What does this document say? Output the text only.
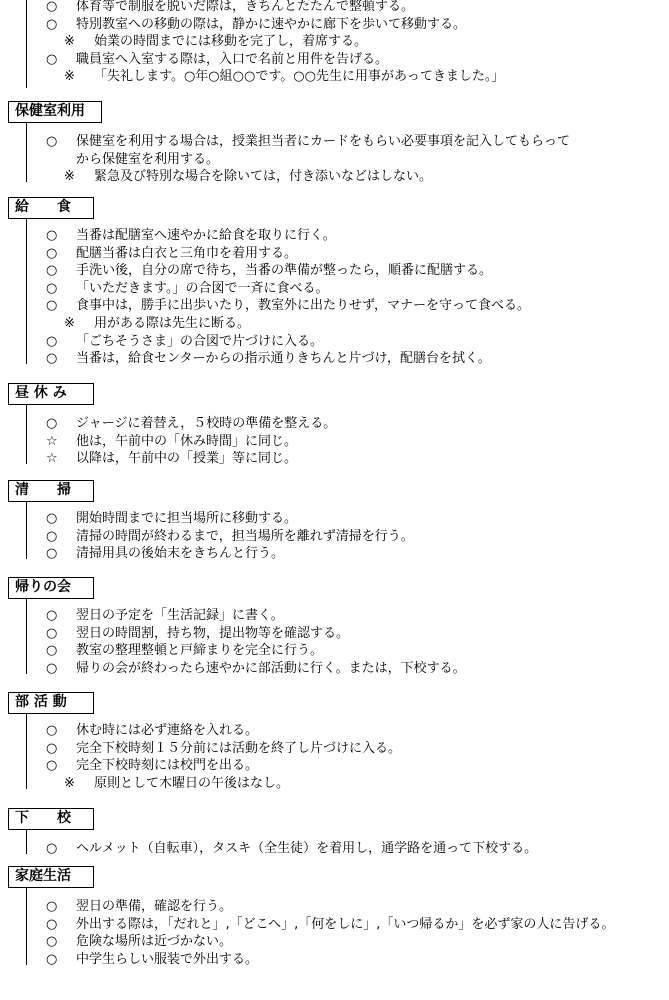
○ 体育等で制服を脱いだ際は，きちんとたたんで整頓する。
○ 特別教室への移動の際は，静かに速やかに廊下を歩いて移動する。
※ 始業の時間までには移動を完了し，着席する。
○ 職員室へ入室する際は，入口で名前と用件を告げる。
※ 「失礼します。○年○組○○です。○○先生に用事があってきました。」
保健室利用
○ 保健室を利用する場合は，授業担当者にカードをもらい必要事項を記入してもらって
から保健室を利用する。
※ 緊急及び特別な場合を除いては，付き添いなどはしない。
給　　食
○ 当番は配膳室へ速やかに給食を取りに行く。
○ 配膳当番は白衣と三角巾を着用する。
○ 手洗い後，自分の席で待ち，当番の準備が整ったら，順番に配膳する。
○ 「いただきます。」の合図で一斉に食べる。
○ 食事中は，勝手に出歩いたり，教室外に出たりせず，マナーを守って食べる。
※ 用がある際は先生に断る。
○ 「ごちそうさま」の合図で片づけに入る。
○ 当番は，給食センターからの指示通りきちんと片づけ，配膳台を拭く。
昼 休 み
○ ジャージに着替え，５校時の準備を整える。
☆ 他は，午前中の「休み時間」に同じ。
☆ 以降は，午前中の「授業」等に同じ。
清　　掃
○ 開始時間までに担当場所に移動する。
○ 清掃の時間が終わるまで，担当場所を離れず清掃を行う。
○ 清掃用具の後始末をきちんと行う。
帰りの会
○ 翌日の予定を「生活記録」に書く。
○ 翌日の時間割，持ち物，提出物等を確認する。
○ 教室の整理整頓と戸締まりを完全に行う。
○ 帰りの会が終わったら速やかに部活動に行く。または，下校する。
部 活 動
○ 休む時には必ず連絡を入れる。
○ 完全下校時刻１５分前には活動を終了し片づけに入る。
○ 完全下校時刻には校門を出る。
※ 原則として木曜日の午後はなし。
下　　校
○ ヘルメット（自転車），タスキ（全生徒）を着用し，通学路を通って下校する。
家庭生活
○ 翌日の準備，確認を行う。
○ 外出する際は，「だれと」,「どこへ」,「何をしに」,「いつ帰るか」を必ず家の人に告げる。
○ 危険な場所は近づかない。
○ 中学生らしい服装で外出する。
